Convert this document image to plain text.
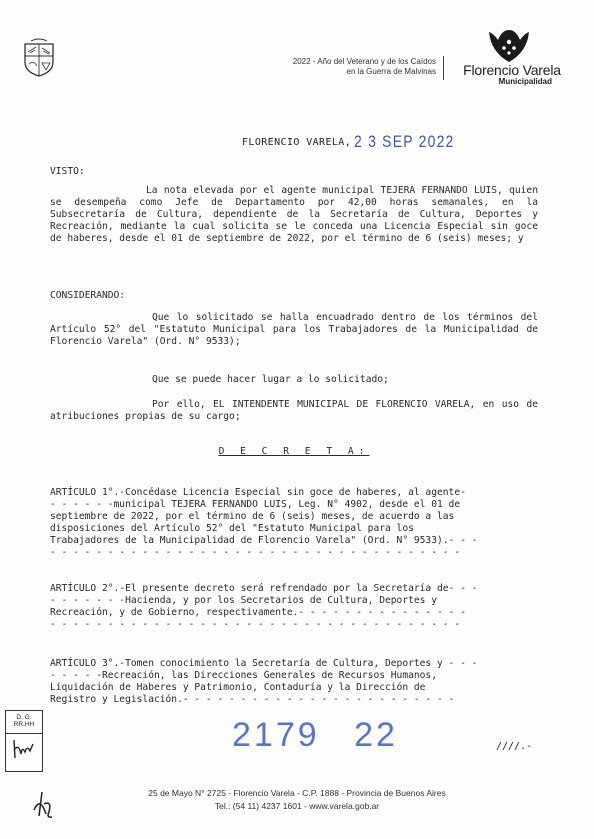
2022 - Año del Veterano y de los Caídos
en la Guerra de Malvinas	Florencio Varela
Municipalidad
FLORENCIO VARELA, 2 3 SEP 2022
VISTO:
La nota elevada por el agente municipal TEJERA FERNANDO LUIS, quien se desempeña como Jefe de Departamento por 42,00 horas semanales, en la Subsecretaría de Cultura, dependiente de la Secretaría de Cultura, Deportes y Recreación, mediante la cual solicita se le conceda una Licencia Especial sin goce de haberes, desde el 01 de septiembre de 2022, por el término de 6 (seis) meses; y
CONSIDERANDO:
Que lo solicitado se halla encuadrado dentro de los términos del Artículo 52° del "Estatuto Municipal para los Trabajadores de la Municipalidad de Florencio Varela" (Ord. N° 9533);
Que se puede hacer lugar a lo solicitado;
Por ello, EL INTENDENTE MUNICIPAL DE FLORENCIO VARELA, en uso de atribuciones propias de su cargo;
D E C R E T A:
ARTÍCULO 1°.-Concédase Licencia Especial sin goce de haberes, al agente-
- - - - - -municipal TEJERA FERNANDO LUIS, Leg. N° 4902, desde el 01 de
septiembre de 2022, por el término de 6 (seis) meses, de acuerdo a las
disposiciones del Artículo 52° del "Estatuto Municipal para los
Trabajadores de la Municipalidad de Florencio Varela" (Ord. N° 9533).- - -
- - - - - - - - - - - - - - - - - - - - - - - - - - - - - - - - - - - -
ARTÍCULO 2°.-El presente decreto será refrendado por la Secretaría de- - -
- - - - - - -Hacienda, y por los Secretarios de Cultura, Deportes y
Recreación, y de Gobierno, respectivamente.- - - - - - - - - - - - - - -
- - - - - - - - - - - - - - - - - - - - - - - - - - - - - - - - - - - -
ARTÍCULO 3°.-Tomen conocimiento la Secretaría de Cultura, Deportes y - - -
- - - - -Recreación, las Direcciones Generales de Recursos Humanos,
Liquidación de Haberes y Patrimonio, Contaduría y la Dirección de
Registro y Legislación.- - - - - - - - - - - - - - - - - - - - - - - -
2179 22	////.-
D. G.
RR.HH
25 de Mayo N° 2725 - Florencio Varela - C.P. 1888 - Provincia de Buenos Aires
Tel.: (54 11) 4237 1601 - www.varela.gob.ar
